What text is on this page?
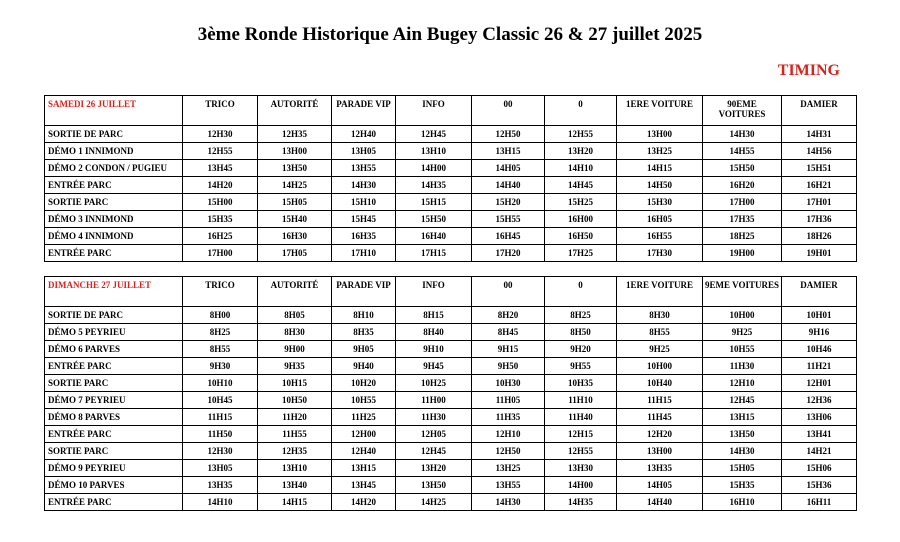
3ème Ronde Historique Ain Bugey Classic 26 & 27 juillet 2025
TIMING
SAMEDI 26 JUILLET	TRICO	AUTORITÉ	PARADE VIP	INFO	00	0	1ERE VOITURE	90EME VOITURES	DAMIER
SORTIE DE PARC	12H30	12H35	12H40	12H45	12H50	12H55	13H00	14H30	14H31
DÉMO 1 INNIMOND	12H55	13H00	13H05	13H10	13H15	13H20	13H25	14H55	14H56
DÉMO 2 CONDON / PUGIEU	13H45	13H50	13H55	14H00	14H05	14H10	14H15	15H50	15H51
ENTRÉE PARC	14H20	14H25	14H30	14H35	14H40	14H45	14H50	16H20	16H21
SORTIE PARC	15H00	15H05	15H10	15H15	15H20	15H25	15H30	17H00	17H01
DÉMO 3 INNIMOND	15H35	15H40	15H45	15H50	15H55	16H00	16H05	17H35	17H36
DÉMO 4 INNIMOND	16H25	16H30	16H35	16H40	16H45	16H50	16H55	18H25	18H26
ENTRÉE PARC	17H00	17H05	17H10	17H15	17H20	17H25	17H30	19H00	19H01
DIMANCHE 27 JUILLET	TRICO	AUTORITÉ	PARADE VIP	INFO	00	0	1ERE VOITURE	9EME VOITURES	DAMIER
SORTIE DE PARC	8H00	8H05	8H10	8H15	8H20	8H25	8H30	10H00	10H01
DÉMO 5 PEYRIEU	8H25	8H30	8H35	8H40	8H45	8H50	8H55	9H25	9H16
DÉMO 6 PARVES	8H55	9H00	9H05	9H10	9H15	9H20	9H25	10H55	10H46
ENTRÉE PARC	9H30	9H35	9H40	9H45	9H50	9H55	10H00	11H30	11H21
SORTIE PARC	10H10	10H15	10H20	10H25	10H30	10H35	10H40	12H10	12H01
DÉMO 7 PEYRIEU	10H45	10H50	10H55	11H00	11H05	11H10	11H15	12H45	12H36
DÉMO 8 PARVES	11H15	11H20	11H25	11H30	11H35	11H40	11H45	13H15	13H06
ENTRÉE PARC	11H50	11H55	12H00	12H05	12H10	12H15	12H20	13H50	13H41
SORTIE PARC	12H30	12H35	12H40	12H45	12H50	12H55	13H00	14H30	14H21
DÉMO 9 PEYRIEU	13H05	13H10	13H15	13H20	13H25	13H30	13H35	15H05	15H06
DÉMO 10 PARVES	13H35	13H40	13H45	13H50	13H55	14H00	14H05	15H35	15H36
ENTRÉE PARC	14H10	14H15	14H20	14H25	14H30	14H35	14H40	16H10	16H11
